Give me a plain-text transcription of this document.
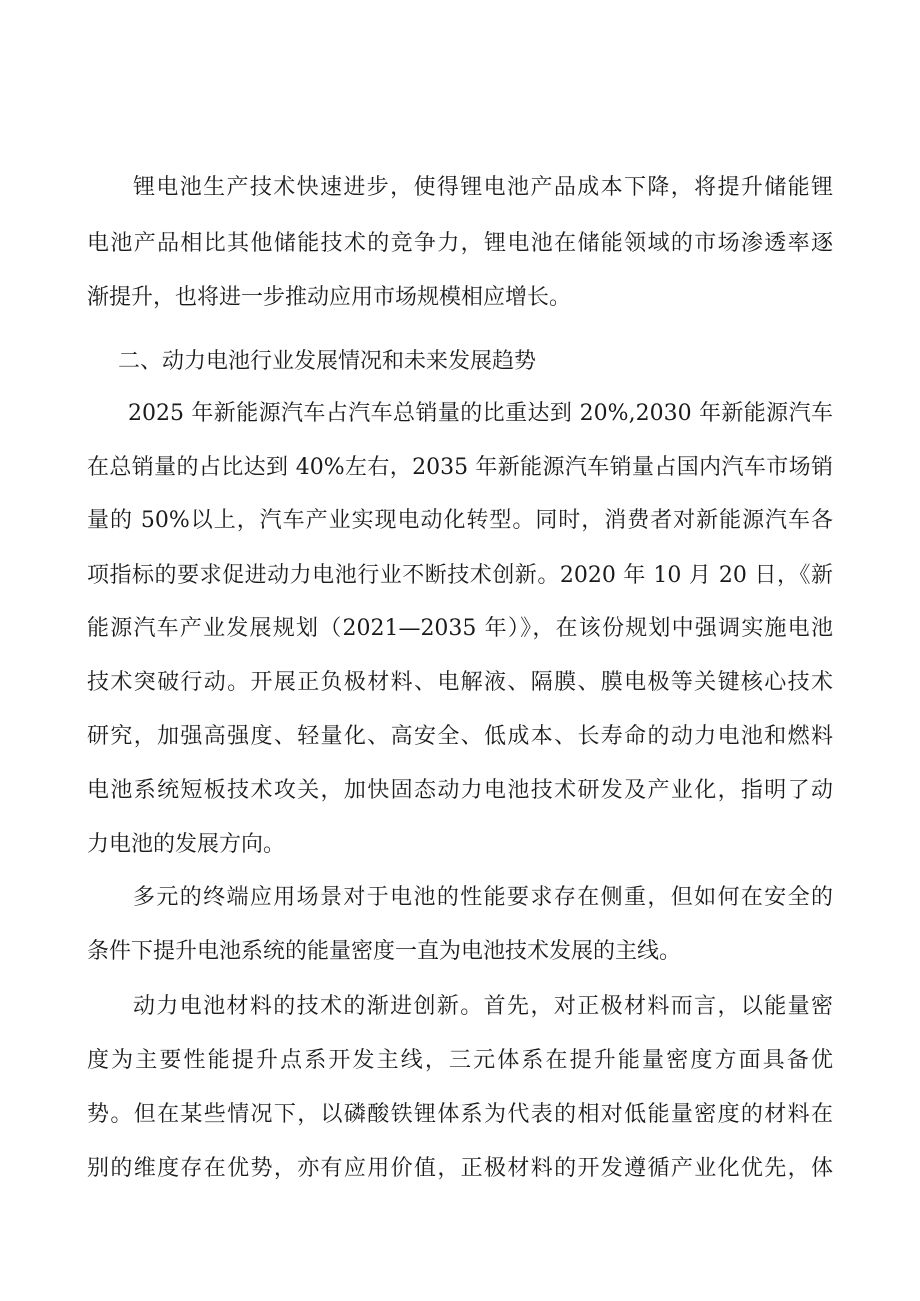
锂电池生产技术快速进步，使得锂电池产品成本下降，将提升储能锂
电池产品相比其他储能技术的竞争力，锂电池在储能领域的市场渗透率逐
渐提升，也将进一步推动应用市场规模相应增长。
二、动力电池行业发展情况和未来发展趋势
2025 年新能源汽车占汽车总销量的比重达到 20%,2030 年新能源汽车
在总销量的占比达到 40%左右，2035 年新能源汽车销量占国内汽车市场销
量的 50%以上，汽车产业实现电动化转型。同时，消费者对新能源汽车各
项指标的要求促进动力电池行业不断技术创新。2020 年 10 月 20 日，《新
能源汽车产业发展规划（2021—2035 年）》，在该份规划中强调实施电池
技术突破行动。开展正负极材料、电解液、隔膜、膜电极等关键核心技术
研究，加强高强度、轻量化、高安全、低成本、长寿命的动力电池和燃料
电池系统短板技术攻关，加快固态动力电池技术研发及产业化，指明了动
力电池的发展方向。
多元的终端应用场景对于电池的性能要求存在侧重，但如何在安全的
条件下提升电池系统的能量密度一直为电池技术发展的主线。
动力电池材料的技术的渐进创新。首先，对正极材料而言，以能量密
度为主要性能提升点系开发主线，三元体系在提升能量密度方面具备优
势。但在某些情况下，以磷酸铁锂体系为代表的相对低能量密度的材料在
别的维度存在优势，亦有应用价值，正极材料的开发遵循产业化优先，体
